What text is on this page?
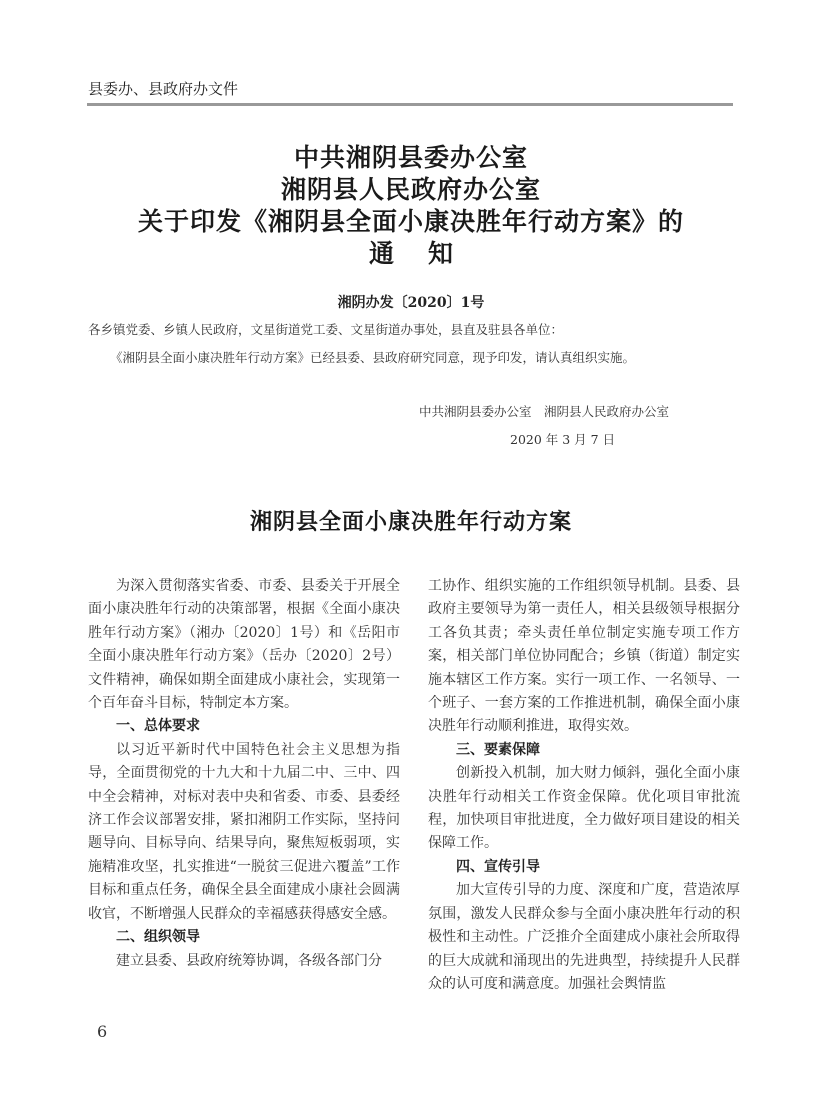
县委办、县政府办文件
中共湘阴县委办公室
湘阴县人民政府办公室
关于印发《湘阴县全面小康决胜年行动方案》的
通知
湘阴办发〔2020〕1号
各乡镇党委、乡镇人民政府，文星街道党工委、文星街道办事处，县直及驻县各单位：
《湘阴县全面小康决胜年行动方案》已经县委、县政府研究同意，现予印发，请认真组织实施。
中共湘阴县委办公室　湘阴县人民政府办公室
2020 年 3 月 7 日
湘阴县全面小康决胜年行动方案

为深入贯彻落实省委、市委、县委关于开展全面小康决胜年行动的决策部署，根据《全面小康决胜年行动方案》（湘办〔2020〕1号）和《岳阳市全面小康决胜年行动方案》（岳办〔2020〕2号）文件精神，确保如期全面建成小康社会，实现第一个百年奋斗目标，特制定本方案。

一、总体要求

以习近平新时代中国特色社会主义思想为指导，全面贯彻党的十九大和十九届二中、三中、四中全会精神，对标对表中央和省委、市委、县委经济工作会议部署安排，紧扣湘阴工作实际，坚持问题导向、目标导向、结果导向，聚焦短板弱项，实施精准攻坚，扎实推进“一脱贫三促进六覆盖”工作目标和重点任务，确保全县全面建成小康社会圆满收官，不断增强人民群众的幸福感获得感安全感。

二、组织领导

建立县委、县政府统筹协调，各级各部门分

工协作、组织实施的工作组织领导机制。县委、县政府主要领导为第一责任人，相关县级领导根据分工各负其责；牵头责任单位制定实施专项工作方案，相关部门单位协同配合；乡镇（街道）制定实施本辖区工作方案。实行一项工作、一名领导、一个班子、一套方案的工作推进机制，确保全面小康决胜年行动顺利推进，取得实效。

三、要素保障

创新投入机制，加大财力倾斜，强化全面小康决胜年行动相关工作资金保障。优化项目审批流程，加快项目审批进度，全力做好项目建设的相关保障工作。

四、宣传引导

加大宣传引导的力度、深度和广度，营造浓厚氛围，激发人民群众参与全面小康决胜年行动的积极性和主动性。广泛推介全面建成小康社会所取得的巨大成就和涌现出的先进典型，持续提升人民群众的认可度和满意度。加强社会舆情监

6
